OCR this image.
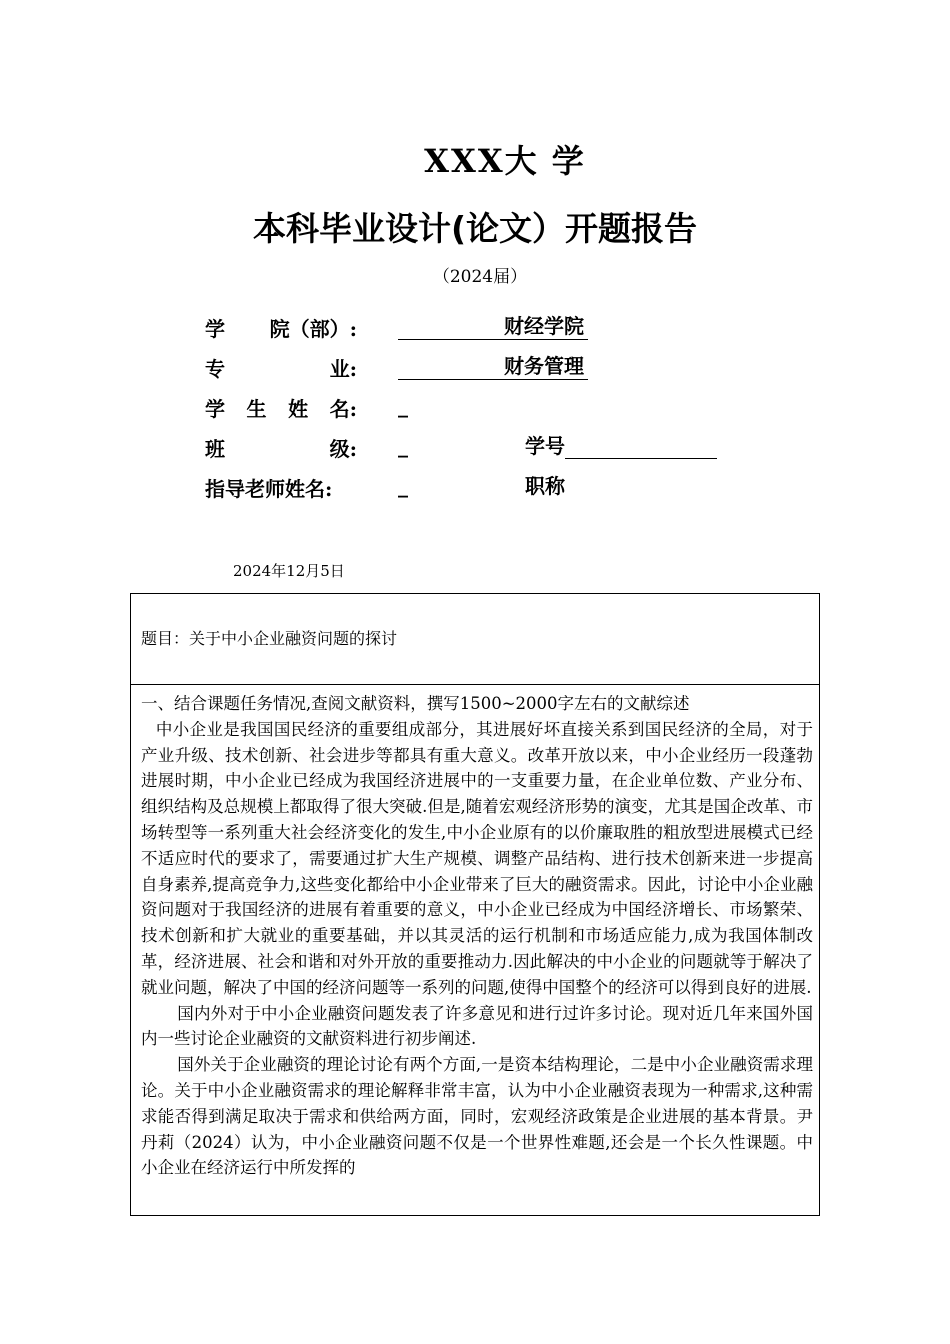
XXX大 学
本科毕业设计(论文）开题报告
（2024届）
学 院（部）:	财经学院
专	业:	财务管理
学 生 姓 名: _
班	级: _	学号
指导老师姓名:	_	职称
2024年12月5日
题目：关于中小企业融资问题的探讨

一、结合课题任务情况,查阅文献资料，撰写1500~2000字左右的文献综述

中小企业是我国国民经济的重要组成部分，其进展好坏直接关系到国民经济的全局，对于产业升级、技术创新、社会进步等都具有重大意义。改革开放以来，中小企业经历一段蓬勃进展时期，中小企业已经成为我国经济进展中的一支重要力量，在企业单位数、产业分布、组织结构及总规模上都取得了很大突破.但是,随着宏观经济形势的演变，尤其是国企改革、市场转型等一系列重大社会经济变化的发生,中小企业原有的以价廉取胜的粗放型进展模式已经不适应时代的要求了，需要通过扩大生产规模、调整产品结构、进行技术创新来进一步提高自身素养,提高竞争力,这些变化都给中小企业带来了巨大的融资需求。因此，讨论中小企业融资问题对于我国经济的进展有着重要的意义，中小企业已经成为中国经济增长、市场繁荣、技术创新和扩大就业的重要基础，并以其灵活的运行机制和市场适应能力,成为我国体制改革，经济进展、社会和谐和对外开放的重要推动力.因此解决的中小企业的问题就等于解决了就业问题，解决了中国的经济问题等一系列的问题,使得中国整个的经济可以得到良好的进展.

国内外对于中小企业融资问题发表了许多意见和进行过许多讨论。现对近几年来国外国内一些讨论企业融资的文献资料进行初步阐述.

国外关于企业融资的理论讨论有两个方面,一是资本结构理论，二是中小企业融资需求理论。关于中小企业融资需求的理论解释非常丰富，认为中小企业融资表现为一种需求,这种需求能否得到满足取决于需求和供给两方面，同时，宏观经济政策是企业进展的基本背景。尹丹莉（2024）认为，中小企业融资问题不仅是一个世界性难题,还会是一个长久性课题。中小企业在经济运行中所发挥的
